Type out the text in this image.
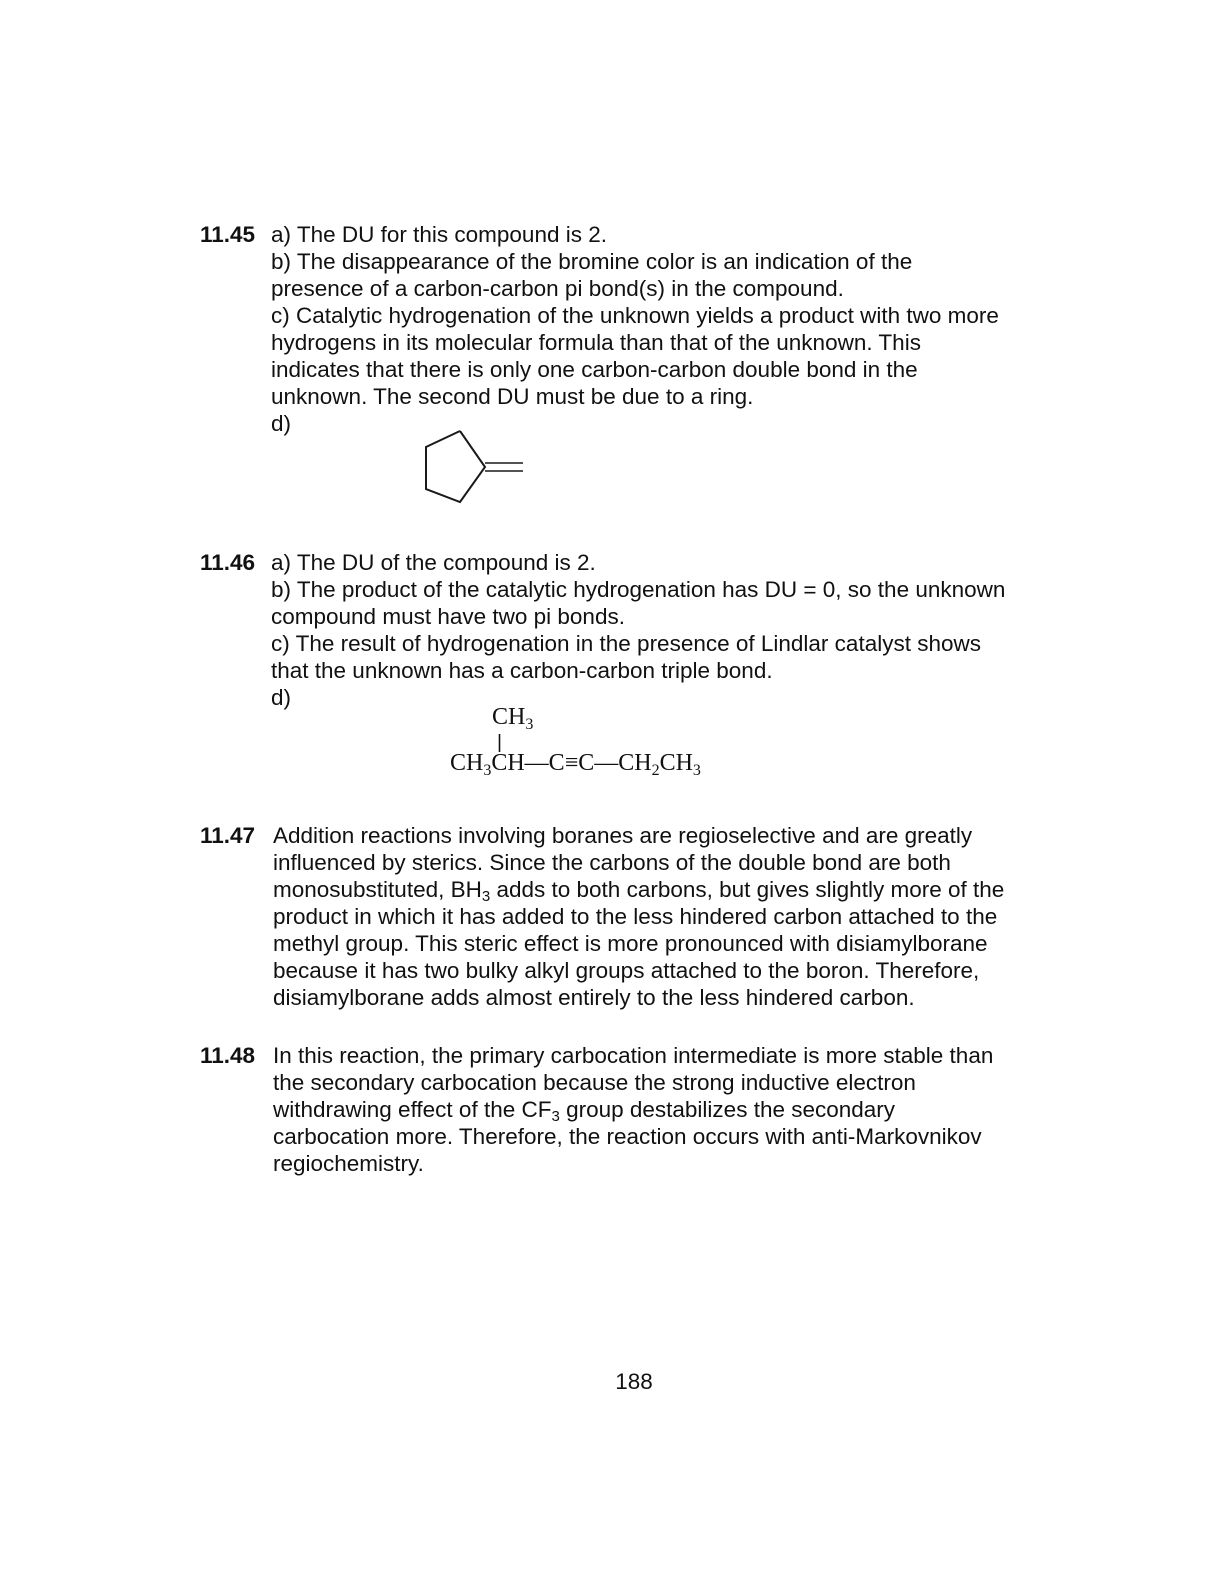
11.45 a) The DU for this compound is 2.
b) The disappearance of the bromine color is an indication of the
presence of a carbon-carbon pi bond(s) in the compound.
c) Catalytic hydrogenation of the unknown yields a product with two more
hydrogens in its molecular formula than that of the unknown. This
indicates that there is only one carbon-carbon double bond in the
unknown. The second DU must be due to a ring.
d)
11.46 a) The DU of the compound is 2.
b) The product of the catalytic hydrogenation has DU = 0, so the unknown
compound must have two pi bonds.
c) The result of hydrogenation in the presence of Lindlar catalyst shows
that the unknown has a carbon-carbon triple bond.
d)
$CH_3$
$CH_3CH—C\equiv C—CH_2CH_3$
11.47 Addition reactions involving boranes are regioselective and are greatly
influenced by sterics. Since the carbons of the double bond are both
monosubstituted, $BH_3$ adds to both carbons, but gives slightly more of the
product in which it has added to the less hindered carbon attached to the
methyl group. This steric effect is more pronounced with disiamylborane
because it has two bulky alkyl groups attached to the boron. Therefore,
disiamylborane adds almost entirely to the less hindered carbon.
11.48 In this reaction, the primary carbocation intermediate is more stable than
the secondary carbocation because the strong inductive electron
withdrawing effect of the $CF_3$ group destabilizes the secondary
carbocation more. Therefore, the reaction occurs with anti-Markovnikov
regiochemistry.
188
